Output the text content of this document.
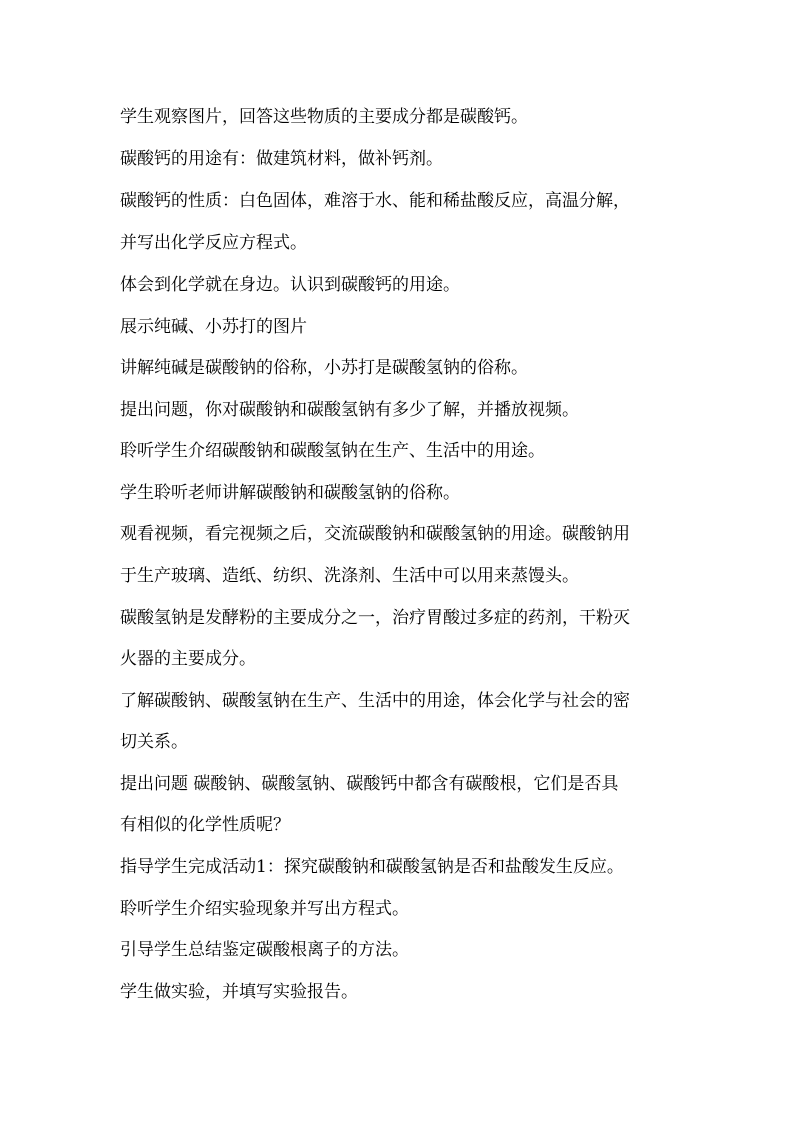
学生观察图片，回答这些物质的主要成分都是碳酸钙。
碳酸钙的用途有：做建筑材料，做补钙剂。
碳酸钙的性质：白色固体，难溶于水、能和稀盐酸反应，高温分解，
并写出化学反应方程式。
体会到化学就在身边。认识到碳酸钙的用途。
展示纯碱、小苏打的图片
讲解纯碱是碳酸钠的俗称，小苏打是碳酸氢钠的俗称。
提出问题，你对碳酸钠和碳酸氢钠有多少了解，并播放视频。
聆听学生介绍碳酸钠和碳酸氢钠在生产、生活中的用途。
学生聆听老师讲解碳酸钠和碳酸氢钠的俗称。
观看视频，看完视频之后，交流碳酸钠和碳酸氢钠的用途。碳酸钠用
于生产玻璃、造纸、纺织、洗涤剂、生活中可以用来蒸馒头。
碳酸氢钠是发酵粉的主要成分之一，治疗胃酸过多症的药剂，干粉灭
火器的主要成分。
了解碳酸钠、碳酸氢钠在生产、生活中的用途，体会化学与社会的密
切关系。
提出问题 碳酸钠、碳酸氢钠、碳酸钙中都含有碳酸根，它们是否具
有相似的化学性质呢？
指导学生完成活动1：探究碳酸钠和碳酸氢钠是否和盐酸发生反应。
聆听学生介绍实验现象并写出方程式。
引导学生总结鉴定碳酸根离子的方法。
学生做实验，并填写实验报告。
